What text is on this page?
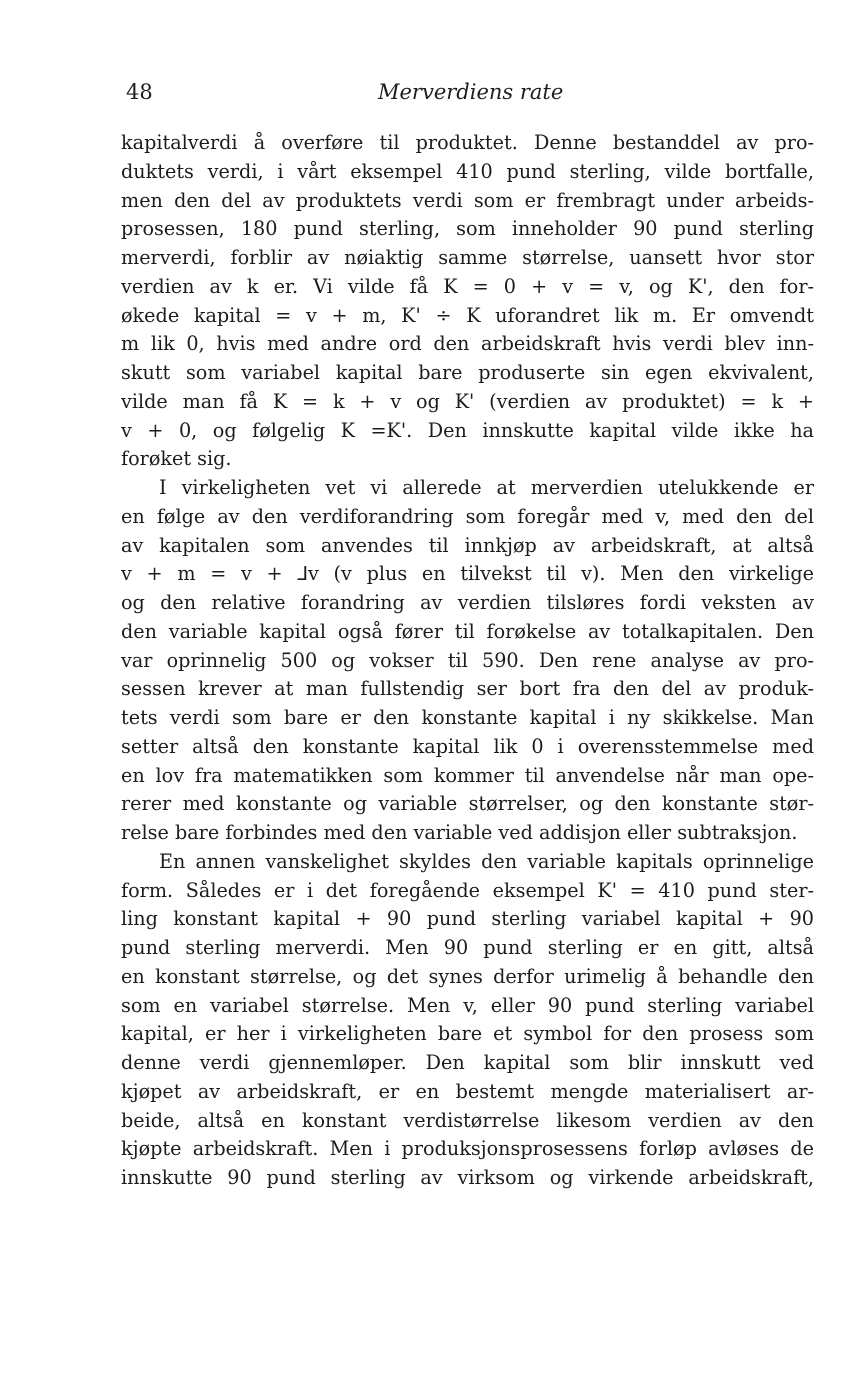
48	Merverdiens rate
kapitalverdi å overføre til produktet. Denne bestanddel av pro-
duktets verdi, i vårt eksempel 410 pund sterling, vilde bortfalle,
men den del av produktets verdi som er frembragt under arbeids-
prosessen, 180 pund sterling, som inneholder 90 pund sterling
merverdi, forblir av nøiaktig samme størrelse, uansett hvor stor
verdien av k er. Vi vilde få K = 0 + v = v, og K', den for-
økede kapital = v + m, K' ÷ K uforandret lik m. Er omvendt
m lik 0, hvis med andre ord den arbeidskraft hvis verdi blev inn-
skutt som variabel kapital bare produserte sin egen ekvivalent,
vilde man få K = k + v og K' (verdien av produktet) = k +
v + 0, og følgelig K =K'. Den innskutte kapital vilde ikke ha
forøket sig.
I virkeligheten vet vi allerede at merverdien utelukkende er
en følge av den verdiforandring som foregår med v, med den del
av kapitalen som anvendes til innkjøp av arbeidskraft, at altså
v + m = v + ⅃v (v plus en tilvekst til v). Men den virkelige
og den relative forandring av verdien tilsløres fordi veksten av
den variable kapital også fører til forøkelse av totalkapitalen. Den
var oprinnelig 500 og vokser til 590. Den rene analyse av pro-
sessen krever at man fullstendig ser bort fra den del av produk-
tets verdi som bare er den konstante kapital i ny skikkelse. Man
setter altså den konstante kapital lik 0 i overensstemmelse med
en lov fra matematikken som kommer til anvendelse når man ope-
rerer med konstante og variable størrelser, og den konstante stør-
relse bare forbindes med den variable ved addisjon eller subtraksjon.
En annen vanskelighet skyldes den variable kapitals oprinnelige
form. Således er i det foregående eksempel K' = 410 pund ster-
ling konstant kapital + 90 pund sterling variabel kapital + 90
pund sterling merverdi. Men 90 pund sterling er en gitt, altså
en konstant størrelse, og det synes derfor urimelig å behandle den
som en variabel størrelse. Men v, eller 90 pund sterling variabel
kapital, er her i virkeligheten bare et symbol for den prosess som
denne verdi gjennemløper. Den kapital som blir innskutt ved
kjøpet av arbeidskraft, er en bestemt mengde materialisert ar-
beide, altså en konstant verdistørrelse likesom verdien av den
kjøpte arbeidskraft. Men i produksjonsprosessens forløp avløses de
innskutte 90 pund sterling av virksom og virkende arbeidskraft,
